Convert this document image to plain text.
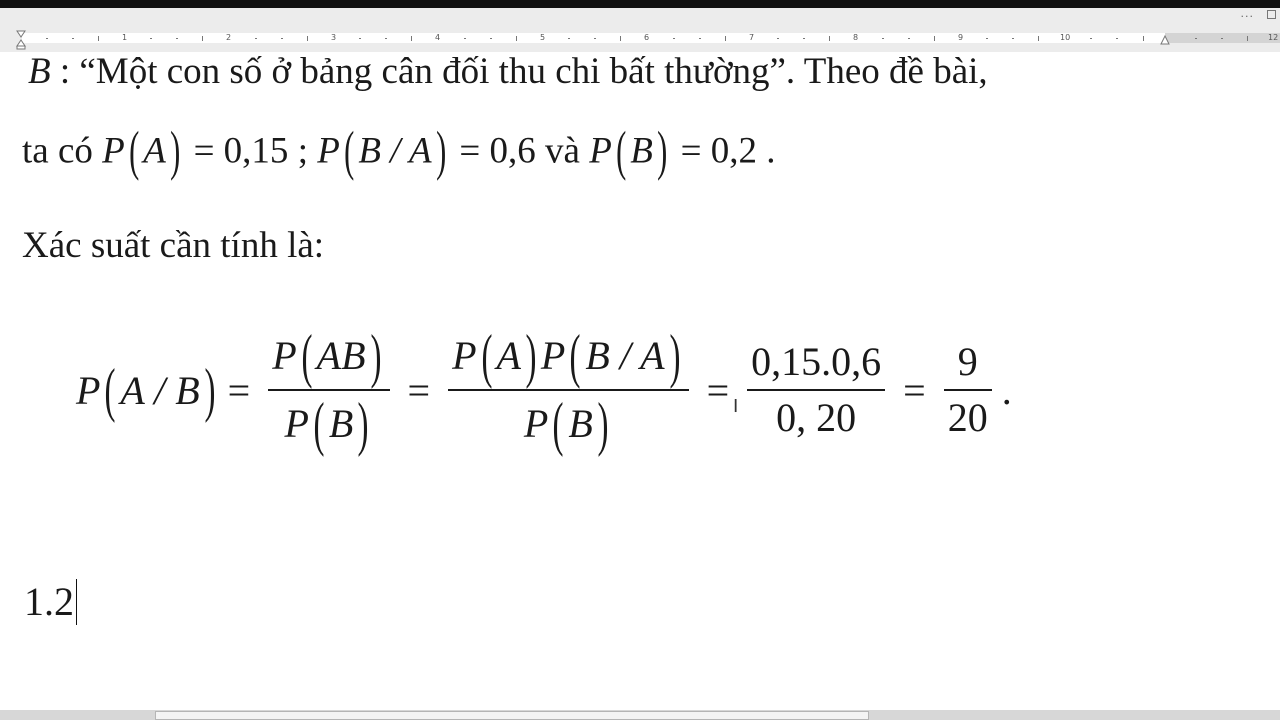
···
1	2	3	4	5	6	7	8	9	10	12
B : “Một con số ở bảng cân đối thu chi bất thường”. Theo đề bài,
ta có P( A) = 0,15 ; P( B / A) = 0,6 và P( B) = 0,2 .
Xác suất cần tính là:
P ( A / B ) = $\frac{P( AB)}{P( B)} = \frac{P( A) P( B / A)}{P( B)} = \frac{0,15.0,6}{0, 20} = \frac{9}{20}$ .
Ι
1.2
